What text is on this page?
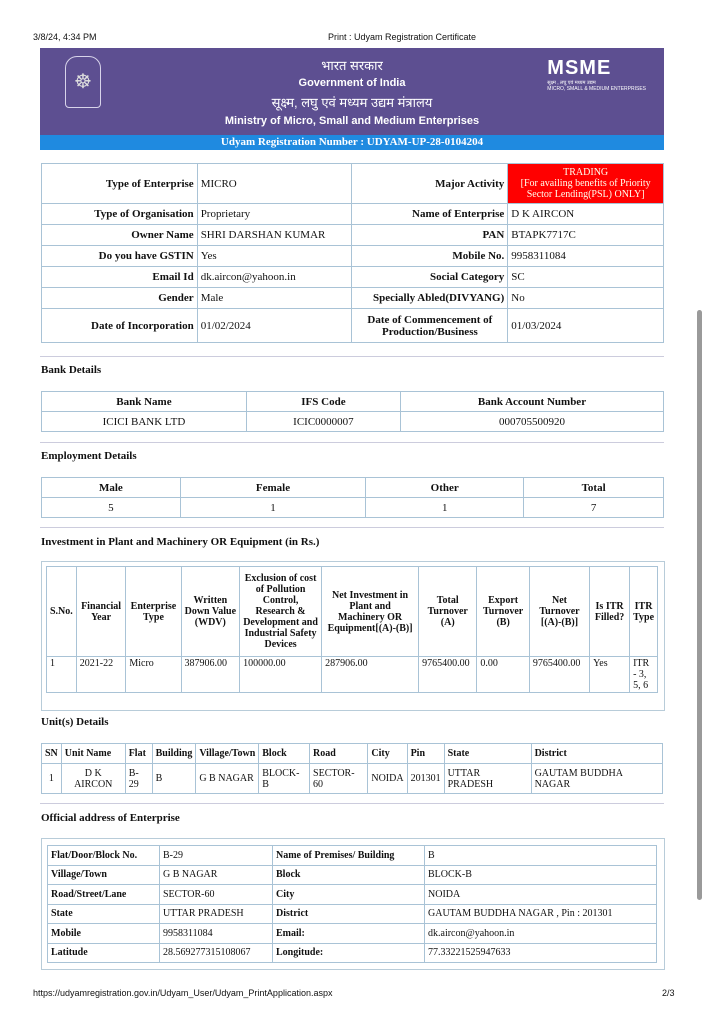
3/8/24, 4:34 PM	Print : Udyam Registration Certificate
☸
भारत सरकार
Government of India
सूक्ष्म, लघु एवं मध्यम उद्यम मंत्रालय
Ministry of Micro, Small and Medium Enterprises
MSME
सूक्ष्म , लघु एवं मध्यम उद्यम
MICRO, SMALL & MEDIUM ENTERPRISES
Udyam Registration Number : UDYAM-UP-28-0104204
Type of Enterprise	MICRO	Major Activity	TRADING
[For availing benefits of Priority Sector Lending(PSL) ONLY]
Type of Organisation	Proprietary	Name of Enterprise	D K AIRCON
Owner Name	SHRI DARSHAN KUMAR	PAN	BTAPK7717C
Do you have GSTIN	Yes	Mobile No.	9958311084
Email Id	dk.aircon@yahoon.in	Social Category	SC
Gender	Male	Specially Abled(DIVYANG)	No
Date of Incorporation	01/02/2024	Date of Commencement of Production/Business	01/03/2024
Bank Details
Bank Name	IFS Code	Bank Account Number
ICICI BANK LTD	ICIC0000007	000705500920
Employment Details
Male	Female	Other	Total
5	1	1	7
Investment in Plant and Machinery OR Equipment (in Rs.)
S.No.	Financial Year	Enterprise Type	Written Down Value (WDV)	Exclusion of cost of Pollution Control, Research & Development and Industrial Safety Devices	Net Investment in Plant and Machinery OR Equipment[(A)-(B)]	Total Turnover (A)	Export Turnover (B)	Net Turnover [(A)-(B)]	Is ITR Filled?	ITR Type
1	2021-22	Micro	387906.00	100000.00	287906.00	9765400.00	0.00	9765400.00	Yes	ITR - 3, 5, 6
Unit(s) Details
SN	Unit Name	Flat	Building	Village/Town	Block	Road	City	Pin	State	District
1	D K AIRCON	B-29	B	G B NAGAR	BLOCK-B	SECTOR-60	NOIDA	201301	UTTAR PRADESH	GAUTAM BUDDHA NAGAR
Official address of Enterprise
Flat/Door/Block No.	B-29	Name of Premises/ Building	B
Village/Town	G B NAGAR	Block	BLOCK-B
Road/Street/Lane	SECTOR-60	City	NOIDA
State	UTTAR PRADESH	District	GAUTAM BUDDHA NAGAR , Pin : 201301
Mobile	9958311084	Email:	dk.aircon@yahoon.in
Latitude	28.569277315108067	Longitude:	77.33221525947633
https://udyamregistration.gov.in/Udyam_User/Udyam_PrintApplication.aspx	2/3
